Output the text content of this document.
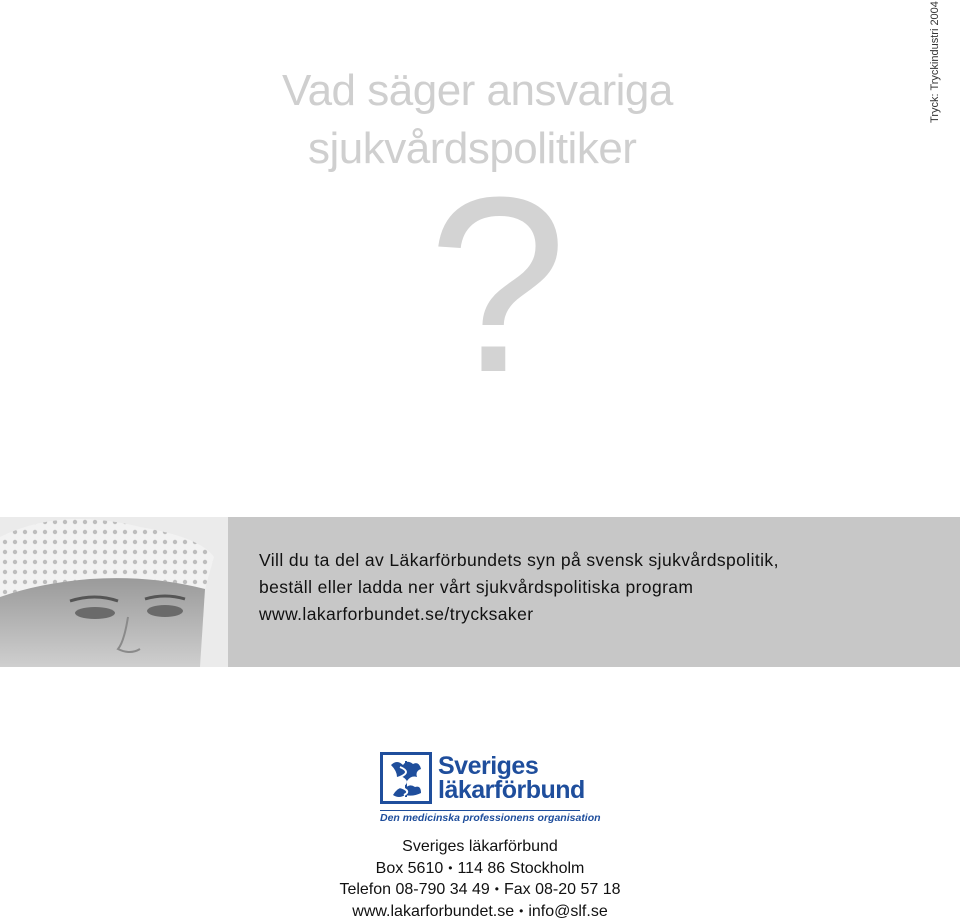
Vad säger ansvariga
sjukvårdspolitiker
?
Tryck: Tryckindustri 2004
Vill du ta del av Läkarförbundets syn på svensk sjukvårdspolitik,
beställ eller ladda ner vårt sjukvårdspolitiska program
www.lakarforbundet.se/trycksaker
Sveriges
läkarförbund
Den medicinska professionens organisation
Sveriges läkarförbund
Box 5610 • 114 86 Stockholm
Telefon 08-790 34 49 • Fax 08-20 57 18
www.lakarforbundet.se • info@slf.se
